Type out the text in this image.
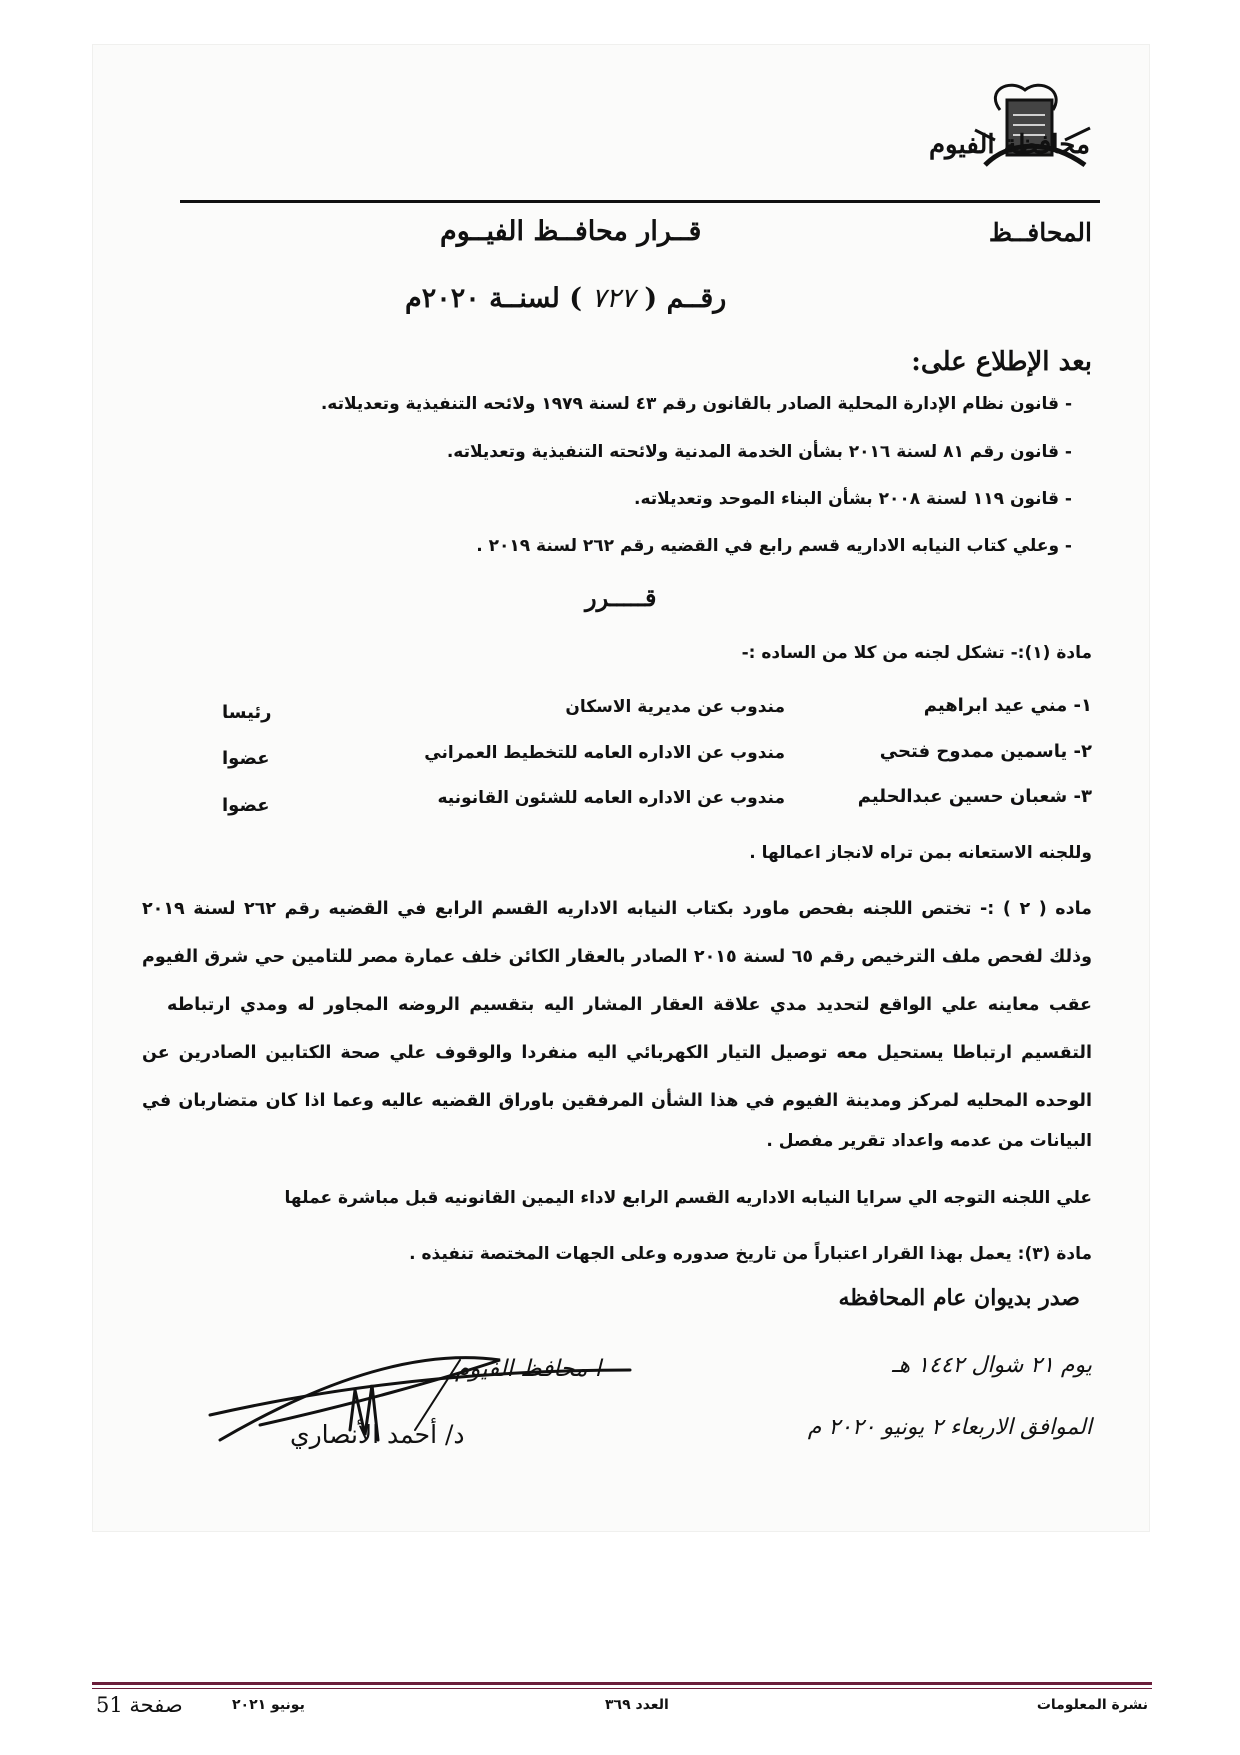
محافظة الفيوم
المحافــظ
قــرار محافــظ الفيــوم
رقــم ( ٧٢٧ ) لسنــة ٢٠٢٠م
بعد الإطلاع على:
- قانون نظام الإدارة المحلية الصادر بالقانون رقم ٤٣ لسنة ١٩٧٩ ولائحه التنفيذية وتعديلاته.
- قانون رقم ٨١ لسنة ٢٠١٦ بشأن الخدمة المدنية ولائحته التنفيذية وتعديلاته.
- قانون ١١٩ لسنة ٢٠٠٨ بشأن البناء الموحد وتعديلاته.
- وعلي كتاب النيابه الاداريه قسم رابع في القضيه رقم ٢٦٢ لسنة ٢٠١٩ .
قـــــرر
مادة (١):- تشكل لجنه من كلا من الساده :-
١- مني عيد ابراهيم
مندوب عن مديرية الاسكان
رئيسا
٢- ياسمين ممدوح فتحي
مندوب عن الاداره العامه للتخطيط العمراني
عضوا
٣- شعبان حسين عبدالحليم
مندوب عن الاداره العامه للشئون القانونيه
عضوا
وللجنه الاستعانه بمن تراه لانجاز اعمالها .
ماده ( ٢ ) :- تختص اللجنه بفحص ماورد بكتاب النيابه الاداريه القسم الرابع في القضيه رقم ٢٦٢ لسنة ٢٠١٩
وذلك لفحص ملف الترخيص رقم ٦٥ لسنة ٢٠١٥ الصادر بالعقار الكائن خلف عمارة مصر للتامين حي شرق الفيوم
عقب معاينه علي الواقع لتحديد مدي علاقة العقار المشار اليه بتقسيم الروضه المجاور له ومدي ارتباطه
التقسيم ارتباطا يستحيل معه توصيل التيار الكهربائي اليه منفردا والوقوف علي صحة الكتابين الصادرين عن
الوحده المحليه لمركز ومدينة الفيوم في هذا الشأن المرفقين باوراق القضيه عاليه وعما اذا كان متضاربان في
البيانات من عدمه واعداد تقرير مفصل .
علي اللجنه التوجه الي سرايا النيابه الاداريه القسم الرابع لاداء اليمين القانونيه قبل مباشرة عملها
مادة (٣): يعمل بهذا القرار اعتباراً من تاريخ صدوره وعلى الجهات المختصة تنفيذه .
صدر بديوان عام المحافظه
يوم ٢١ شوال ١٤٤٢ هـ
الموافق الاربعاء ٢ يونيو ٢٠٢٠ م
ا محافظ الفيوم
د/ أحمد الأنصاري
نشرة المعلومات
العدد ٣٦٩
يونيو ٢٠٢١
صفحة 51
